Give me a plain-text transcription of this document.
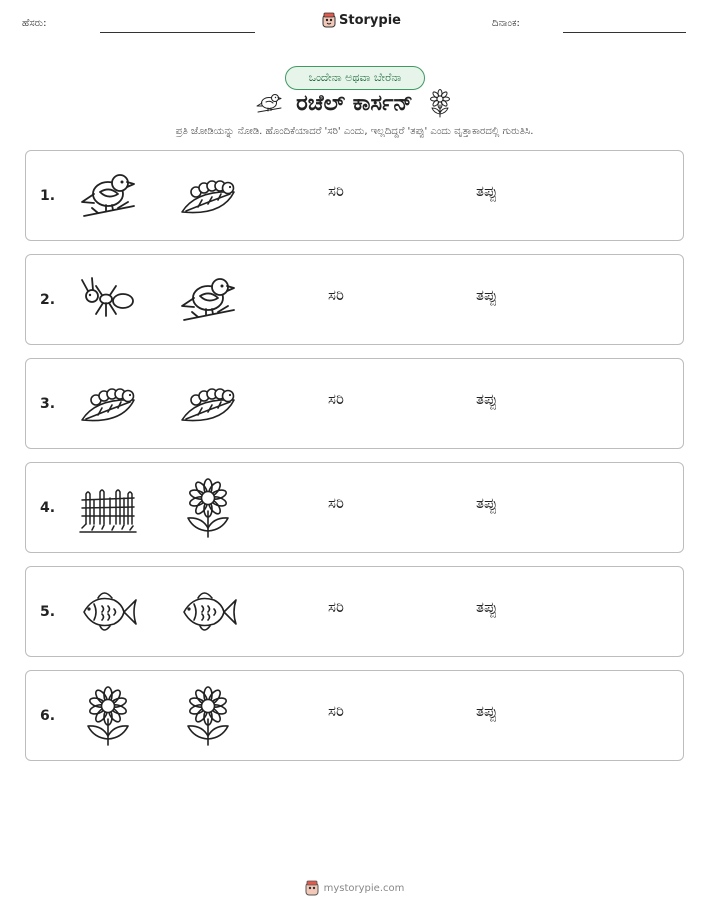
ಹೆಸರು:	Storypie	ದಿನಾಂಕ:
ಒಂದೇನಾ ಅಥವಾ ಬೇರೆನಾ
ರಚೆಲ್ ಕಾರ್ಸನ್
ಪ್ರತಿ ಜೋಡಿಯನ್ನು ನೋಡಿ. ಹೊಂದಿಕೆಯಾದರೆ 'ಸರಿ' ಎಂದು, ಇಲ್ಲದಿದ್ದರೆ 'ತಪ್ಪು' ಎಂದು ವೃತ್ತಾಕಾರದಲ್ಲಿ ಗುರುತಿಸಿ.
1.	ಸರಿ	ತಪ್ಪು
2.	ಸರಿ	ತಪ್ಪು
3.	ಸರಿ	ತಪ್ಪು
4.	ಸರಿ	ತಪ್ಪು
5.	ಸರಿ	ತಪ್ಪು
6.	ಸರಿ	ತಪ್ಪು
mystorypie.com
